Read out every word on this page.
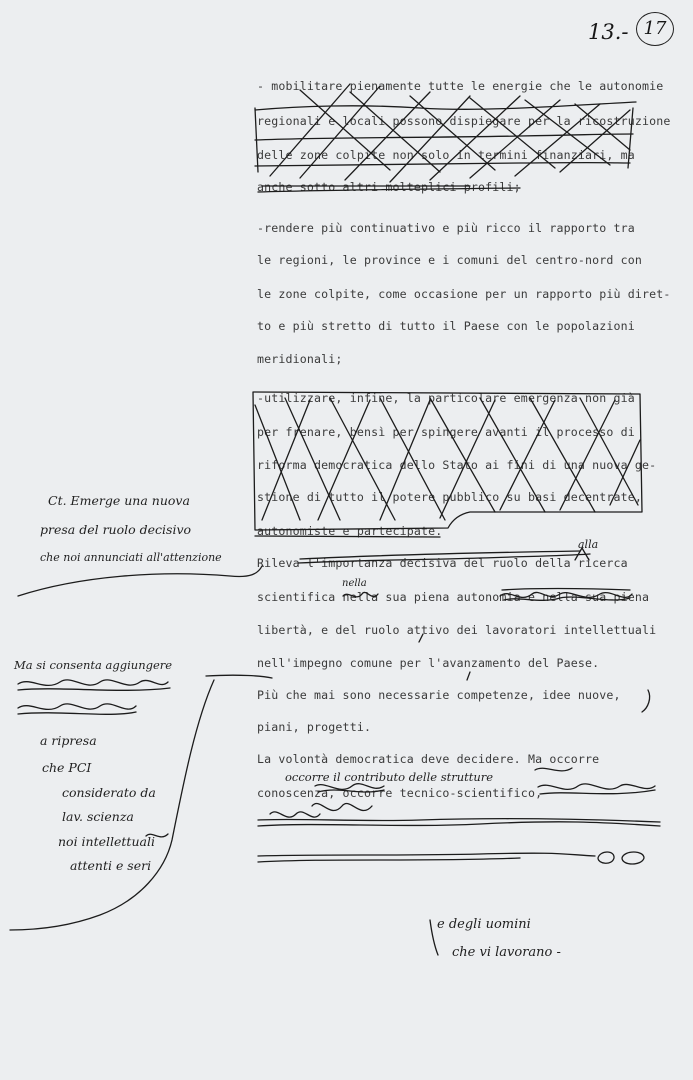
13.- 17
- mobilitare pienamente tutte le energie che le autonomie
regionali e locali possono dispiegare per la ricostruzione
delle zone colpite non solo in termini finanziari, ma
anche sotto altri molteplici profili;
-rendere più continuativo e più ricco il rapporto tra
le regioni, le province e i comuni del centro-nord con
le zone colpite, come occasione per un rapporto più diret-
to e più stretto di tutto il Paese con le popolazioni
meridionali;
-utilizzare, infine, la particolare emergenza non già
per frenare, bensì per spingere avanti il processo di
riforma democratica dello Stato ai fini di una nuova ge-
stione di tutto il potere pubblico su basi decentrate,
autonomiste e partecipate.
Rileva l'importanza decisiva del ruolo della ricerca
scientifica nella sua piena autonomia e nella sua piena
libertà, e del ruolo attivo dei lavoratori intellettuali
nell'impegno comune per l'avanzamento del Paese.
Più che mai sono necessarie competenze, idee nuove,
piani, progetti.
La volontà democratica deve decidere. Ma occorre
conoscenza, occorre tecnico-scientifico,
alla
nella
occorre il contributo delle strutture
e degli uomini
che vi lavorano -
Ct. Emerge una nuova
presa del ruolo decisivo
che noi annunciati all'attenzione
Ma si consenta aggiungere
a ripresa
che PCI
considerato da
lav. scienza
noi intellettuali
attenti e seri
